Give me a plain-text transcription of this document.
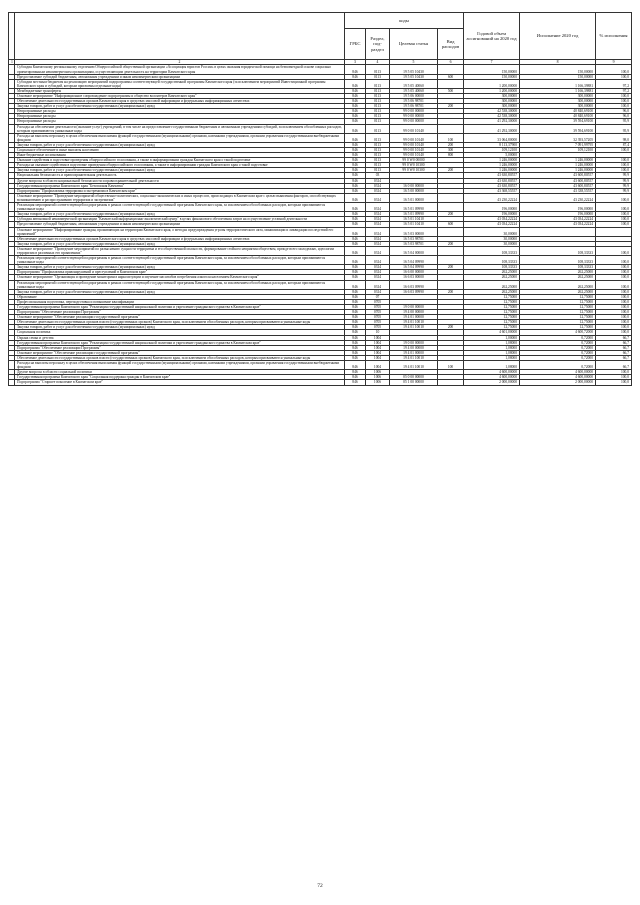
		коды				Годовой объем ассигнований на 2020 год	Исполнение 2020 год	% исполнения
		ГРБС	Раздел, под-раздел	Целевая статья	Вид расходов			
1	2	3	4	5	6	7	8	9
	Субсидия Камчатскому региональному отделению Общероссийской общественной организации «Ассоциация юристов России» в целях оказания юридической помощи на безвозмездной основе социально ориентированным некоммерческим организациям, осуществляющим деятельность на территории Камчатского края	846	0113	19 5 05 10430		150,00000	150,00000	100,0
	Предоставление субсидий бюджетным, автономным учреждениям и иным некоммерческим организациям	846	0113	19 5 05 10430	600	150,00000	150,00000	100,0
	Субсидии местным бюджетам на реализацию мероприятий подпрограммы соответствующей государственной программы Камчатского края (за исключением мероприятий Инвестиционной программы Камчатского края и субсидий, которым присвоены отдельные коды)	846	0113	19 5 05 40060		1 200,00000	1 166,39881	97,2
	Межбюджетные трансферты	846	0113	19 5 05 40060	500	1 200,00000	1 166,39881	97,2
	Основное мероприятие "Информационное сопровождение подпрограммы и общество волонтеров Камчатского края"	846	0113	19 5 06 00000		300,00000	300,00000	100,0
	Обеспечение деятельности государственных органов Камчатского края в средствах массовой информации и федеральных информационных агентствах	846	0113	19 5 06 98701		300,00000	300,00000	100,0
	Закупка товаров, работ и услуг для обеспечения государственных (муниципальных) нужд	846	0113	19 5 06 98701	200	300,00000	300,00000	100,0
	Непрограммные расходы	846	0113	99 0 00 00000		42 538,30000	40 840,69100	96,0
	Непрограммные расходы	846	0113	99 0 00 00000		42 538,30000	40 840,69100	96,0
	Непрограммные расходы	846	0113	99 0 00 00000		41 292,30000	39 594,69100	95,9
	Расходы на обеспечение деятельности (оказание услуг) учреждений, в том числе на предоставление государственным бюджетным и автономным учреждениям субсидий, за исключением обособленных расходов, которым присваиваются уникальные коды	846	0113	99 0 00 10140		41 292,30000	39 594,69100	95,9
	Расходы на выплаты персоналу в целях обеспечения выполнения функций государственными (муниципальными) органами, казенными учреждениями, органами управления государственными внебюджетными фондами	846	0113	99 0 00 10140	100	33 064,80000	32 393,57205	98,0
	Закупка товаров, работ и услуг для обеспечения государственных (муниципальных) нужд	846	0113	99 0 00 10140	200	8 113,37900	7 091,99795	87,4
	Социальное обеспечение и иные выплаты населению	846	0113	99 0 00 10140	300	109,12100	109,12100	100,0
	Иные бюджетные ассигнования	846	0113	99 0 00 10140	800	5,00000		
	Оказание содействия в подготовке проведения общероссийского голосования, а также в информировании граждан Камчатского края о такой подготовке	846	0113	99 0 W0 00000		1 246,00000	1 246,00000	100,0
	Расходы на оказание содействия в подготовке проведения общероссийского голосования, а также в информировании граждан Камчатского края о такой подготовке	846	0113	99 0 W0 10300		1 246,00000	1 246,00000	100,0
	Закупка товаров, работ и услуг для обеспечения государственных (муниципальных) нужд	846	0113	99 0 W0 10300	200	1 246,00000	1 246,00000	100,0
	Национальная безопасность и правоохранительная деятельность	846	03			43 630,80557	43 600,80557	99,9
	Другие вопросы в области национальной безопасности и правоохранительной деятельности	846	0314			43 630,80557	43 600,80557	99,9
	Государственная программа Камчатского края "Безопасная Камчатка"	846	0314	16 0 00 00000		43 630,80557	43 600,80557	99,9
	Подпрограмма "Профилактика терроризма и экстремизма в Камчатском крае"	846	0314	16 5 00 00000		43 368,55557	43 338,55557	99,9
	Основное мероприятие "Проведение мероприятий общественно-политических, социально-экономических и иных процессов, происходящих в Камчатском крае с целью выявления факторов, способствующих возникновению и распространению терроризма и экстремизма"	846	0314	16 5 01 00000		43 230,22224	43 230,22224	100,0
	Реализация мероприятий соответствующей подпрограммы в рамках соответствующей государственной программы Камчатского края, за исключением обособленных расходов, которым присваиваются уникальные коды	846	0314	16 5 01 09990		196,00000	196,00000	100,0
	Закупка товаров, работ и услуг для обеспечения государственных (муниципальных) нужд	846	0314	16 5 01 09990	200	196,00000	196,00000	100,0
	Субсидия автономной некоммерческой организации "Камчатский информационно-аналитический центр" в целях финансового обеспечения затрат на осуществление уставной деятельности	846	0314	16 5 01 10410		43 034,22224	43 034,22224	100,0
	Предоставление субсидий бюджетным, автономным учреждениям и иным некоммерческим организациям	846	0314	16 5 01 10410	600	43 034,22224	43 034,22224	100,0
	Основное мероприятие "Информирование граждан, проживающих на территории Камчатского края, о методах предупреждения угрозы террористического акта, минимизации и ликвидации последствий его проявлений"	846	0314	16 5 03 00000		30,00000		
	Обеспечение деятельности государственных органов Камчатского края в средствах массовой информации и федеральных информационных агентствах	846	0314	16 5 03 98701		30,00000		
	Закупка товаров, работ и услуг для обеспечения государственных (муниципальных) нужд	846	0314	16 5 03 98701	200	30,00000		
	Основное мероприятие "Проведение мероприятий по разъяснению сущности терроризма и его общественной опасности, формирование стойкого неприятия обществом, прежде всего молодежью, идеологии терроризма в различных его проявлениях"	846	0314	16 5 04 00000		108,33333	108,33333	100,0
	Реализация мероприятий соответствующей подпрограммы в рамках соответствующей государственной программы Камчатского края, за исключением обособленных расходов, которым присваиваются уникальные коды	846	0314	16 5 04 09990		108,33333	108,33333	100,0
	Закупка товаров, работ и услуг для обеспечения государственных (муниципальных) нужд	846	0314	16 5 04 09990	200	108,33333	108,33333	100,0
	Подпрограмма "Профилактика правонарушений и преступлений в Камчатском крае"	846	0314	16 6 00 00000		262,25000	262,25000	100,0
	Основное мероприятие "Организация и проведение мониторинга наркоситуации и изучение масштабов потребления алкоголя населением Камчатского края"	846	0314	16 6 03 00000		262,25000	262,25000	100,0
	Реализация мероприятий соответствующей подпрограммы в рамках соответствующей государственной программы Камчатского края, за исключением обособленных расходов, которым присваиваются уникальные коды	846	0314	16 6 03 09990		262,25000	262,25000	100,0
	Закупка товаров, работ и услуг для обеспечения государственных (муниципальных) нужд	846	0314	16 6 03 09990	200	262,25000	262,25000	100,0
	Образование	846	07			12,75000	12,75000	100,0
	Профессиональная подготовка, переподготовка и повышение квалификации	846	0705			12,75000	12,75000	100,0
	Государственная программа Камчатского края "Реализация государственной национальной политики и укрепление гражданского единства в Камчатском крае"	846	0705	19 0 00 00000		12,75000	12,75000	100,0
	Подпрограмма "Обеспечение реализации Программы"	846	0705	19 4 00 00000		12,75000	12,75000	100,0
	Основное мероприятие "Обеспечение реализации государственной программы"	846	0705	19 4 01 00000		12,75000	12,75000	100,0
	Обеспечение деятельности государственных органов власти (государственных органов) Камчатского края, за исключением обособленных расходов, которым присваиваются уникальные коды	846	0705	19 4 01 10010		12,75000	12,75000	100,0
	Закупка товаров, работ и услуг для обеспечения государственных (муниципальных) нужд	846	0705	19 4 01 10010	200	12,75000	12,75000	100,0
	Социальная политика	846	10			4 601,00000	4 600,72000	100,0
	Охрана семьи и детства	846	1004			1,00000	0,72000	66,7
	Государственная программа Камчатского края "Реализация государственной национальной политики и укрепление гражданского единства в Камчатском крае"	846	1004	19 0 00 00000		1,08000	0,72000	66,7
	Подпрограмма "Обеспечение реализации Программы"	846	1004	19 4 00 00000		1,08000	0,72000	66,7
	Основное мероприятие "Обеспечение реализации государственной программы"	846	1004	19 4 01 00000		1,08000	0,72000	66,7
	Обеспечение деятельности государственных органов власти (государственных органов) Камчатского края, за исключением обособленных расходов, которым присваиваются уникальные коды	846	1004	19 4 01 10010		1,08000	0,72000	66,7
	Расходы на выплаты персоналу в целях обеспечения выполнения функций государственными (муниципальными) органами, казенными учреждениями, органами управления государственными внебюджетными фондами	846	1004	19 4 01 10010	100	1,08000	0,72000	66,7
	Другие вопросы в области социальной политики	846	1006			4 600,00000	4 600,00000	100,0
	Государственная программа Камчатского края "Социальная поддержка граждан в Камчатском крае"	846	1006	05 0 00 00000		4 600,00000	4 600,00000	100,0
	Подпрограмма "Старшее поколение в Камчатском крае"	846	1006	05 1 00 00000		2 000,00000	2 000,00000	100,0
72
